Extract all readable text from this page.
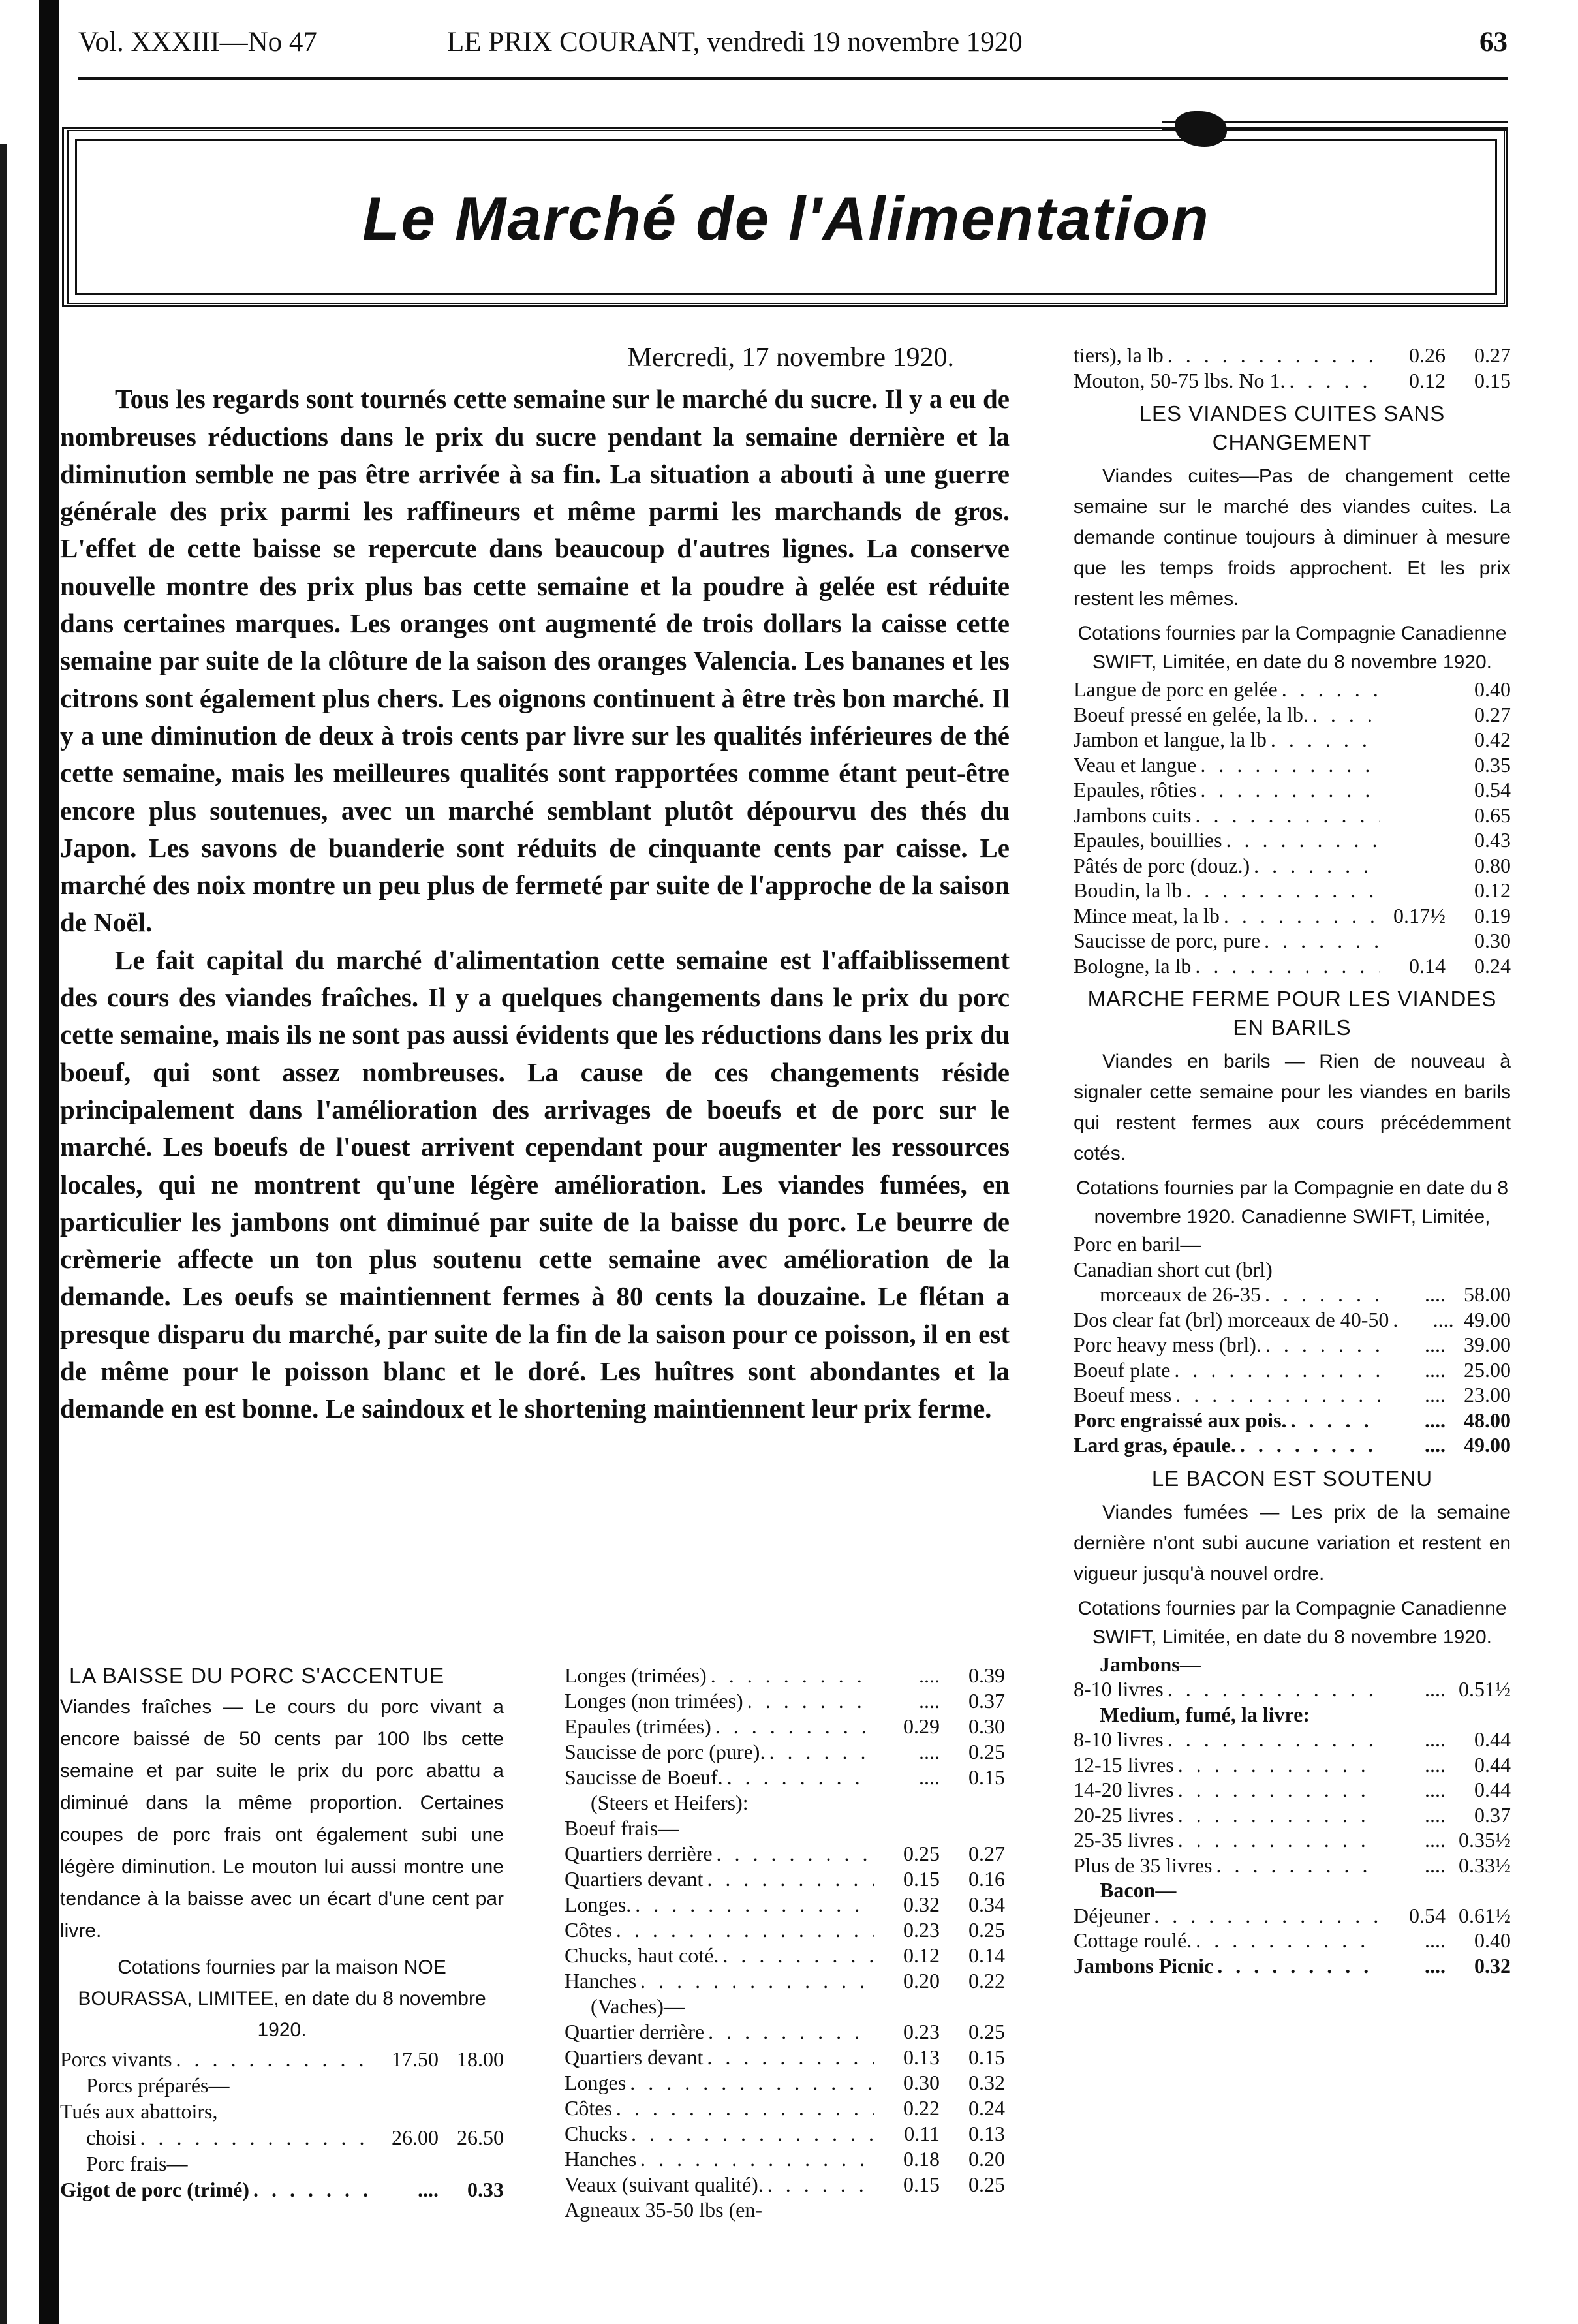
Vol. XXXIII—No 47	LE PRIX COURANT, vendredi 19 novembre 1920	63
Le Marché de l'Alimentation
Mercredi, 17 novembre 1920.

Tous les regards sont tournés cette semaine sur le marché du sucre. Il y a eu de nombreuses réductions dans le prix du sucre pendant la semaine dernière et la diminution semble ne pas être arrivée à sa fin. La situation a abouti à une guerre générale des prix parmi les raffineurs et même parmi les marchands de gros. L'effet de cette baisse se repercute dans beaucoup d'autres lignes. La conserve nouvelle montre des prix plus bas cette semaine et la poudre à gelée est réduite dans certaines marques. Les oranges ont augmenté de trois dollars la caisse cette semaine par suite de la clôture de la saison des oranges Valencia. Les bananes et les citrons sont également plus chers. Les oignons continuent à être très bon marché. Il y a une diminution de deux à trois cents par livre sur les qualités inférieures de thé cette semaine, mais les meilleures qualités sont rapportées comme étant peut-être encore plus soutenues, avec un marché semblant plutôt dépourvu des thés du Japon. Les savons de buanderie sont réduits de cinquante cents par caisse. Le marché des noix montre un peu plus de fermeté par suite de l'approche de la saison de Noël.

Le fait capital du marché d'alimentation cette semaine est l'affaiblissement des cours des viandes fraîches. Il y a quelques changements dans le prix du porc cette semaine, mais ils ne sont pas aussi évidents que les réductions dans les prix du boeuf, qui sont assez nombreuses. La cause de ces changements réside principalement dans l'amélioration des arrivages de boeufs et de porc sur le marché. Les boeufs de l'ouest arrivent cependant pour augmenter les ressources locales, qui ne montrent qu'une légère amélioration. Les viandes fumées, en particulier les jambons ont diminué par suite de la baisse du porc. Le beurre de crèmerie affecte un ton plus soutenu cette semaine avec amélioration de la demande. Les oeufs se maintiennent fermes à 80 cents la douzaine. Le flétan a presque disparu du marché, par suite de la fin de la saison pour ce poisson, il en est de même pour le poisson blanc et le doré. Les huîtres sont abondantes et la demande en est bonne. Le saindoux et le shortening maintiennent leur prix ferme.

tiers), la lb . . .	0.26	0.27
Mouton, 50-75 lbs. No 1. . . .	0.12	0.15
LES VIANDES CUITES SANS CHANGEMENT
Viandes cuites—Pas de changement cette semaine sur le marché des viandes cuites. La demande continue toujours à diminuer à mesure que les temps froids approchent. Et les prix restent les mêmes.
Cotations fournies par la Compagnie Canadienne SWIFT, Limitée, en date du 8 novembre 1920.
Langue de porc en gelée . . .	0.40
Boeuf pressé en gelée, la lb. . . .	0.27
Jambon et langue, la lb . . .	0.42
Veau et langue . . .	0.35
Epaules, rôties . . .	0.54
Jambons cuits . . .	0.65
Epaules, bouillies . . .	0.43
Pâtés de porc (douz.) . . .	0.80
Boudin, la lb . . .	0.12
Mince meat, la lb . . .	0.17½	0.19
Saucisse de porc, pure . . .	0.30
Bologne, la lb . . .	0.14	0.24
MARCHE FERME POUR LES VIANDES EN BARILS
Viandes en barils — Rien de nouveau à signaler cette semaine pour les viandes en barils qui restent fermes aux cours précédemment cotés.
Cotations fournies par la Compagnie en date du 8 novembre 1920. Canadienne SWIFT, Limitée,
Porc en baril—
Canadian short cut (brl)
morceaux de 26-35 . . .	.... 58.00
Dos clear fat (brl) morceaux de 40-50 . . .	.... 49.00
Porc heavy mess (brl). . . .	.... 39.00
Boeuf plate . . .	.... 25.00
Boeuf mess . . .	.... 23.00
Porc engraissé aux pois. . . .	.... 48.00
Lard gras, épaule. . . .	.... 49.00
LE BACON EST SOUTENU
Viandes fumées — Les prix de la semaine dernière n'ont subi aucune variation et restent en vigueur jusqu'à nouvel ordre.
Cotations fournies par la Compagnie Canadienne SWIFT, Limitée, en date du 8 novembre 1920.
Jambons—
8-10 livres . . .	.... 0.51½
Medium, fumé, la livre:
8-10 livres . . .	....	0.44
12-15 livres . . .	....	0.44
14-20 livres . . .	....	0.44
20-25 livres . . .	....	0.37
25-35 livres . . .	.... 0.35½
Plus de 35 livres . . .	.... 0.33½
Bacon—
Déjeuner . . .	0.54 0.61½
Cottage roulé. . . .	....	0.40
Jambons Picnic . . .	....	0.32
LA BAISSE DU PORC S'ACCENTUE
Viandes fraîches — Le cours du porc vivant a encore baissé de 50 cents par 100 lbs cette semaine et par suite le prix du porc abattu a diminué dans la même proportion. Certaines coupes de porc frais ont également subi une légère diminution. Le mouton lui aussi montre une tendance à la baisse avec un écart d'une cent par livre.
Cotations fournies par la maison NOE BOURASSA, LIMITEE, en date du 8 novembre 1920.
Porcs vivants . . .	17.50 18.00
Porcs préparés—
Tués aux abattoirs,
choisi . . .	26.00 26.50
Porc frais—
Gigot de porc (trimé) . . .	....	0.33
Longes (trimées) . . .	....	0.39
Longes (non trimées) . . .	....	0.37
Epaules (trimées) . . .	0.29	0.30
Saucisse de porc (pure). . . .	....	0.25
Saucisse de Boeuf. . . .	....	0.15
(Steers et Heifers):
Boeuf frais—
Quartiers derrière . . .	0.25	0.27
Quartiers devant . . .	0.15	0.16
Longes. . . .	0.32	0.34
Côtes . . .	0.23	0.25
Chucks, haut coté. . . .	0.12	0.14
Hanches . . .	0.20	0.22
(Vaches)—
Quartier derrière . . .	0.23	0.25
Quartiers devant . . .	0.13	0.15
Longes . . .	0.30	0.32
Côtes . . .	0.22	0.24
Chucks . . .	0.11	0.13
Hanches . . .	0.18	0.20
Veaux (suivant qualité). . . .	0.15	0.25
Agneaux 35-50 lbs (en-
